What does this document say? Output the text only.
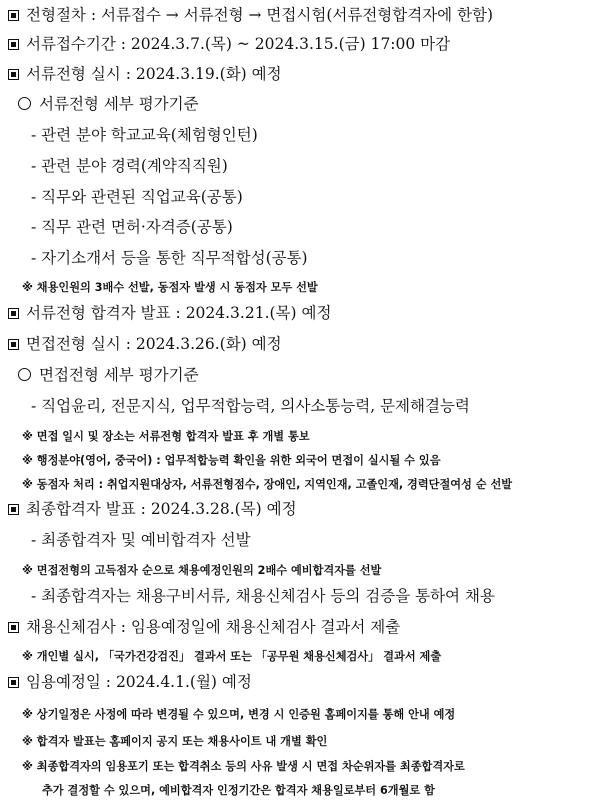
전형절차 : 서류접수 → 서류전형 → 면접시험(서류전형합격자에 한함)
서류접수기간 : 2024.3.7.(목) ~ 2024.3.15.(금) 17:00 마감
서류전형 실시 : 2024.3.19.(화) 예정
서류전형 세부 평가기준
- 관련 분야 학교교육(체험형인턴)
- 관련 분야 경력(계약직직원)
- 직무와 관련된 직업교육(공통)
- 직무 관련 면허·자격증(공통)
- 자기소개서 등을 통한 직무적합성(공통)
※ 채용인원의 3배수 선발, 동점자 발생 시 동점자 모두 선발
서류전형 합격자 발표 : 2024.3.21.(목) 예정
면접전형 실시 : 2024.3.26.(화) 예정
면접전형 세부 평가기준
- 직업윤리, 전문지식, 업무적합능력, 의사소통능력, 문제해결능력
※ 면접 일시 및 장소는 서류전형 합격자 발표 후 개별 통보
※ 행정분야(영어, 중국어) : 업무적합능력 확인을 위한 외국어 면접이 실시될 수 있음
※ 동점자 처리 : 취업지원대상자, 서류전형점수, 장애인, 지역인재, 고졸인재, 경력단절여성 순 선발
최종합격자 발표 : 2024.3.28.(목) 예정
- 최종합격자 및 예비합격자 선발
※ 면접전형의 고득점자 순으로 채용예정인원의 2배수 예비합격자를 선발
- 최종합격자는 채용구비서류, 채용신체검사 등의 검증을 통하여 채용
채용신체검사 : 임용예정일에 채용신체검사 결과서 제출
※ 개인별 실시, 「국가건강검진」 결과서 또는 「공무원 채용신체검사」 결과서 제출
임용예정일 : 2024.4.1.(월) 예정
※ 상기일정은 사정에 따라 변경될 수 있으며, 변경 시 인증원 홈페이지를 통해 안내 예정
※ 합격자 발표는 홈페이지 공지 또는 채용사이트 내 개별 확인
※ 최종합격자의 임용포기 또는 합격취소 등의 사유 발생 시 면접 차순위자를 최종합격자로
추가 결정할 수 있으며, 예비합격자 인정기간은 합격자 채용일로부터 6개월로 함
